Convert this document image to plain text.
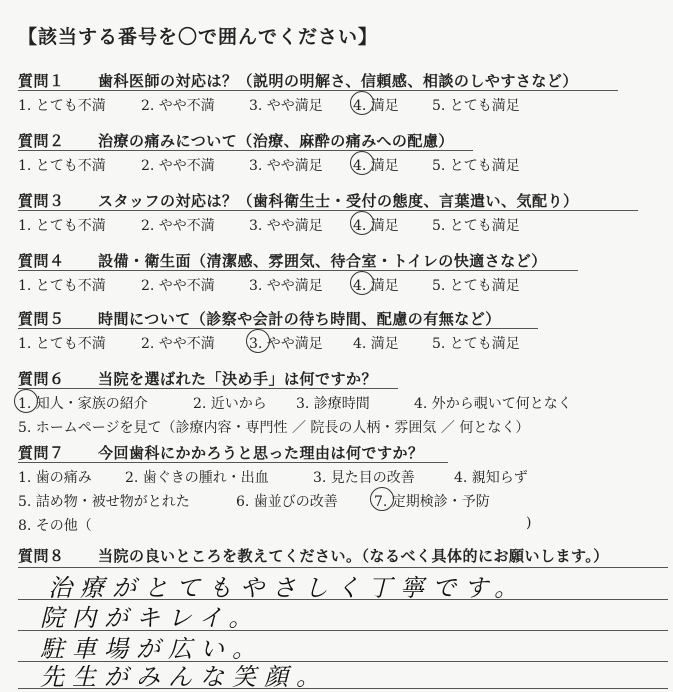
【該当する番号を〇で囲んでください】
質問１ 歯科医師の対応は？（説明の明解さ、信頼感、相談のしやすさなど）
1. とても不満	2. やや不満 3. やや満足 4. 満足 5. とても満足
質問２ 治療の痛みについて（治療、麻酔の痛みへの配慮）
1. とても不満	2. やや不満 3. やや満足 4. 満足 5. とても満足
質問３ スタッフの対応は？（歯科衛生士・受付の態度、言葉遣い、気配り）
1. とても不満	2. やや不満 3. やや満足 4. 満足 5. とても満足
質問４ 設備・衛生面（清潔感、雰囲気、待合室・トイレの快適さなど）
1. とても不満	2. やや不満 3. やや満足 4. 満足 5. とても満足
質問５ 時間について（診察や会計の待ち時間、配慮の有無など）
1. とても不満	2. やや不満 3. やや満足 4. 満足 5. とても満足
質問６ 当院を選ばれた「決め手」は何ですか？
1. 知人・家族の紹介	2. 近いから 3. 診療時間	4. 外から覗いて何となく
5. ホームページを見て（診療内容・専門性 ／ 院長の人柄・雰囲気 ／ 何となく）
質問７ 今回歯科にかかろうと思った理由は何ですか？
1. 歯の痛み 2. 歯ぐきの腫れ・出血	3. 見た目の改善	4. 親知らず
5. 詰め物・被せ物がとれた	6. 歯並びの改善	7. 定期検診・予防
8. その他（	)
質問８ 当院の良いところを教えてください。（なるべく具体的にお願いします。）
治療がとてもやさしく丁寧です。
院内がキレイ。
駐車場が広い。
先生がみんな笑顔。
